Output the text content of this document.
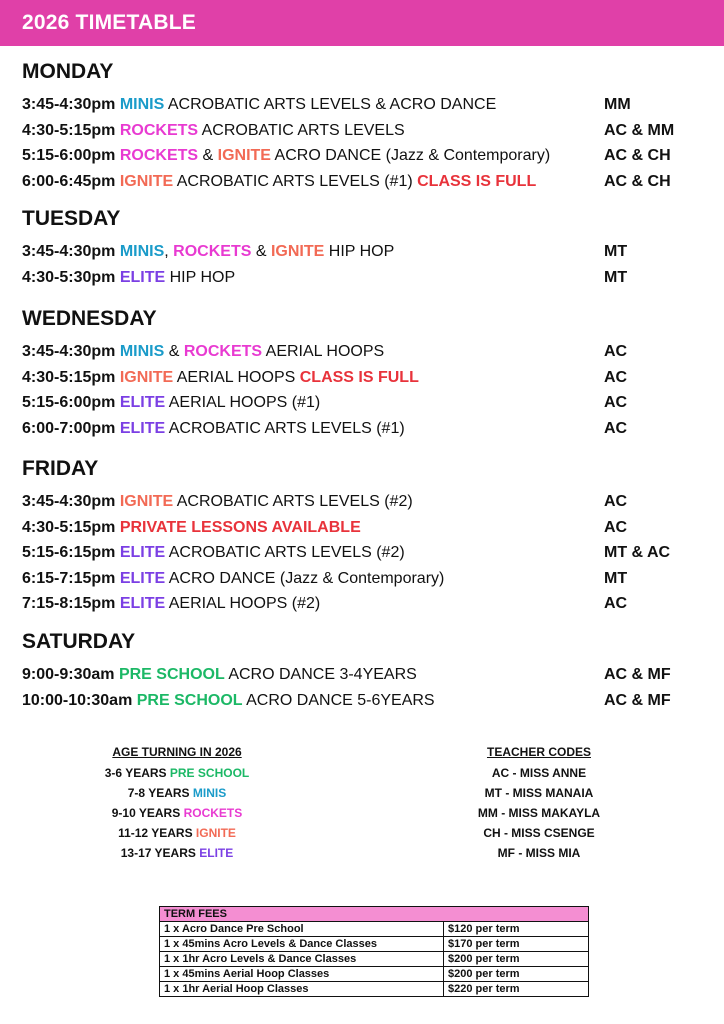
2026 TIMETABLE
MONDAY
3:45-4:30pm MINIS ACROBATIC ARTS LEVELS & ACRO DANCE	MM
4:30-5:15pm ROCKETS ACROBATIC ARTS LEVELS	AC & MM
5:15-6:00pm ROCKETS & IGNITE ACRO DANCE (Jazz & Contemporary)	AC & CH
6:00-6:45pm IGNITE ACROBATIC ARTS LEVELS (#1) CLASS IS FULL	AC & CH
TUESDAY
3:45-4:30pm MINIS, ROCKETS & IGNITE HIP HOP	MT
4:30-5:30pm ELITE HIP HOP	MT
WEDNESDAY
3:45-4:30pm MINIS & ROCKETS AERIAL HOOPS	AC
4:30-5:15pm IGNITE AERIAL HOOPS CLASS IS FULL	AC
5:15-6:00pm ELITE AERIAL HOOPS (#1)	AC
6:00-7:00pm ELITE ACROBATIC ARTS LEVELS (#1)	AC
FRIDAY
3:45-4:30pm IGNITE ACROBATIC ARTS LEVELS (#2)	AC
4:30-5:15pm PRIVATE LESSONS AVAILABLE	AC
5:15-6:15pm ELITE ACROBATIC ARTS LEVELS (#2)	MT & AC
6:15-7:15pm ELITE ACRO DANCE (Jazz & Contemporary)	MT
7:15-8:15pm ELITE AERIAL HOOPS (#2)	AC
SATURDAY
9:00-9:30am PRE SCHOOL ACRO DANCE 3-4YEARS	AC & MF
10:00-10:30am PRE SCHOOL ACRO DANCE 5-6YEARS	AC & MF
AGE TURNING IN 2026
3-6 YEARS PRE SCHOOL
7-8 YEARS MINIS
9-10 YEARS ROCKETS
11-12 YEARS IGNITE
13-17 YEARS ELITE
TEACHER CODES
AC - MISS ANNE
MT - MISS MANAIA
MM - MISS MAKAYLA
CH - MISS CSENGE
MF - MISS MIA
TERM FEES	
1 x Acro Dance Pre School	$120 per term
1 x 45mins Acro Levels & Dance Classes	$170 per term
1 x 1hr Acro Levels & Dance Classes	$200 per term
1 x 45mins Aerial Hoop Classes	$200 per term
1 x 1hr Aerial Hoop Classes	$220 per term
